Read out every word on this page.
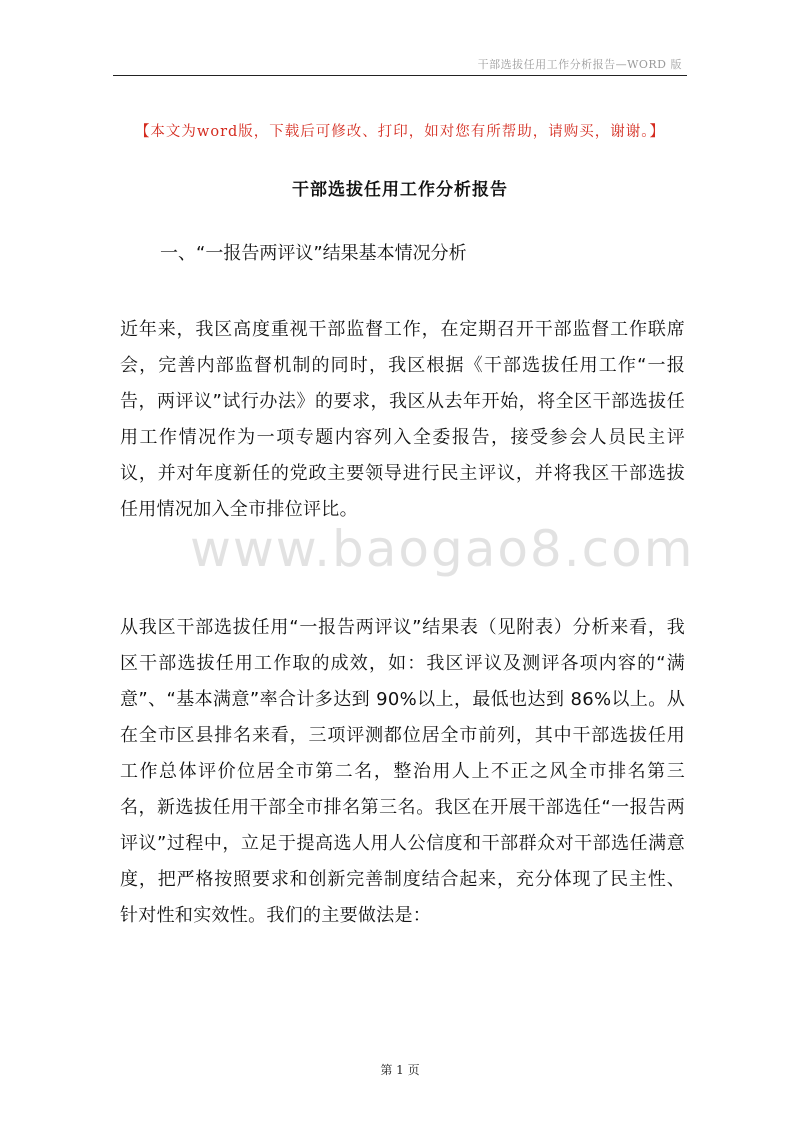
干部选拔任用工作分析报告—WORD 版
【本文为word版，下载后可修改、打印，如对您有所帮助，请购买，谢谢。】
干部选拔任用工作分析报告
一、“一报告两评议”结果基本情况分析

近年来，我区高度重视干部监督工作，在定期召开干部监督工作联席会，完善内部监督机制的同时，我区根据《干部选拔任用工作“一报告，两评议”试行办法》的要求，我区从去年开始，将全区干部选拔任用工作情况作为一项专题内容列入全委报告，接受参会人员民主评议，并对年度新任的党政主要领导进行民主评议，并将我区干部选拔任用情况加入全市排位评比。

www.baogao8.com

从我区干部选拔任用“一报告两评议”结果表（见附表）分析来看，我区干部选拔任用工作取的成效，如：我区评议及测评各项内容的“满意”、“基本满意”率合计多达到 90%以上，最低也达到 86%以上。从在全市区县排名来看，三项评测都位居全市前列，其中干部选拔任用工作总体评价位居全市第二名，整治用人上不正之风全市排名第三名，新选拔任用干部全市排名第三名。我区在开展干部选任“一报告两评议”过程中，立足于提高选人用人公信度和干部群众对干部选任满意度，把严格按照要求和创新完善制度结合起来，充分体现了民主性、针对性和实效性。我们的主要做法是：

第 1 页
